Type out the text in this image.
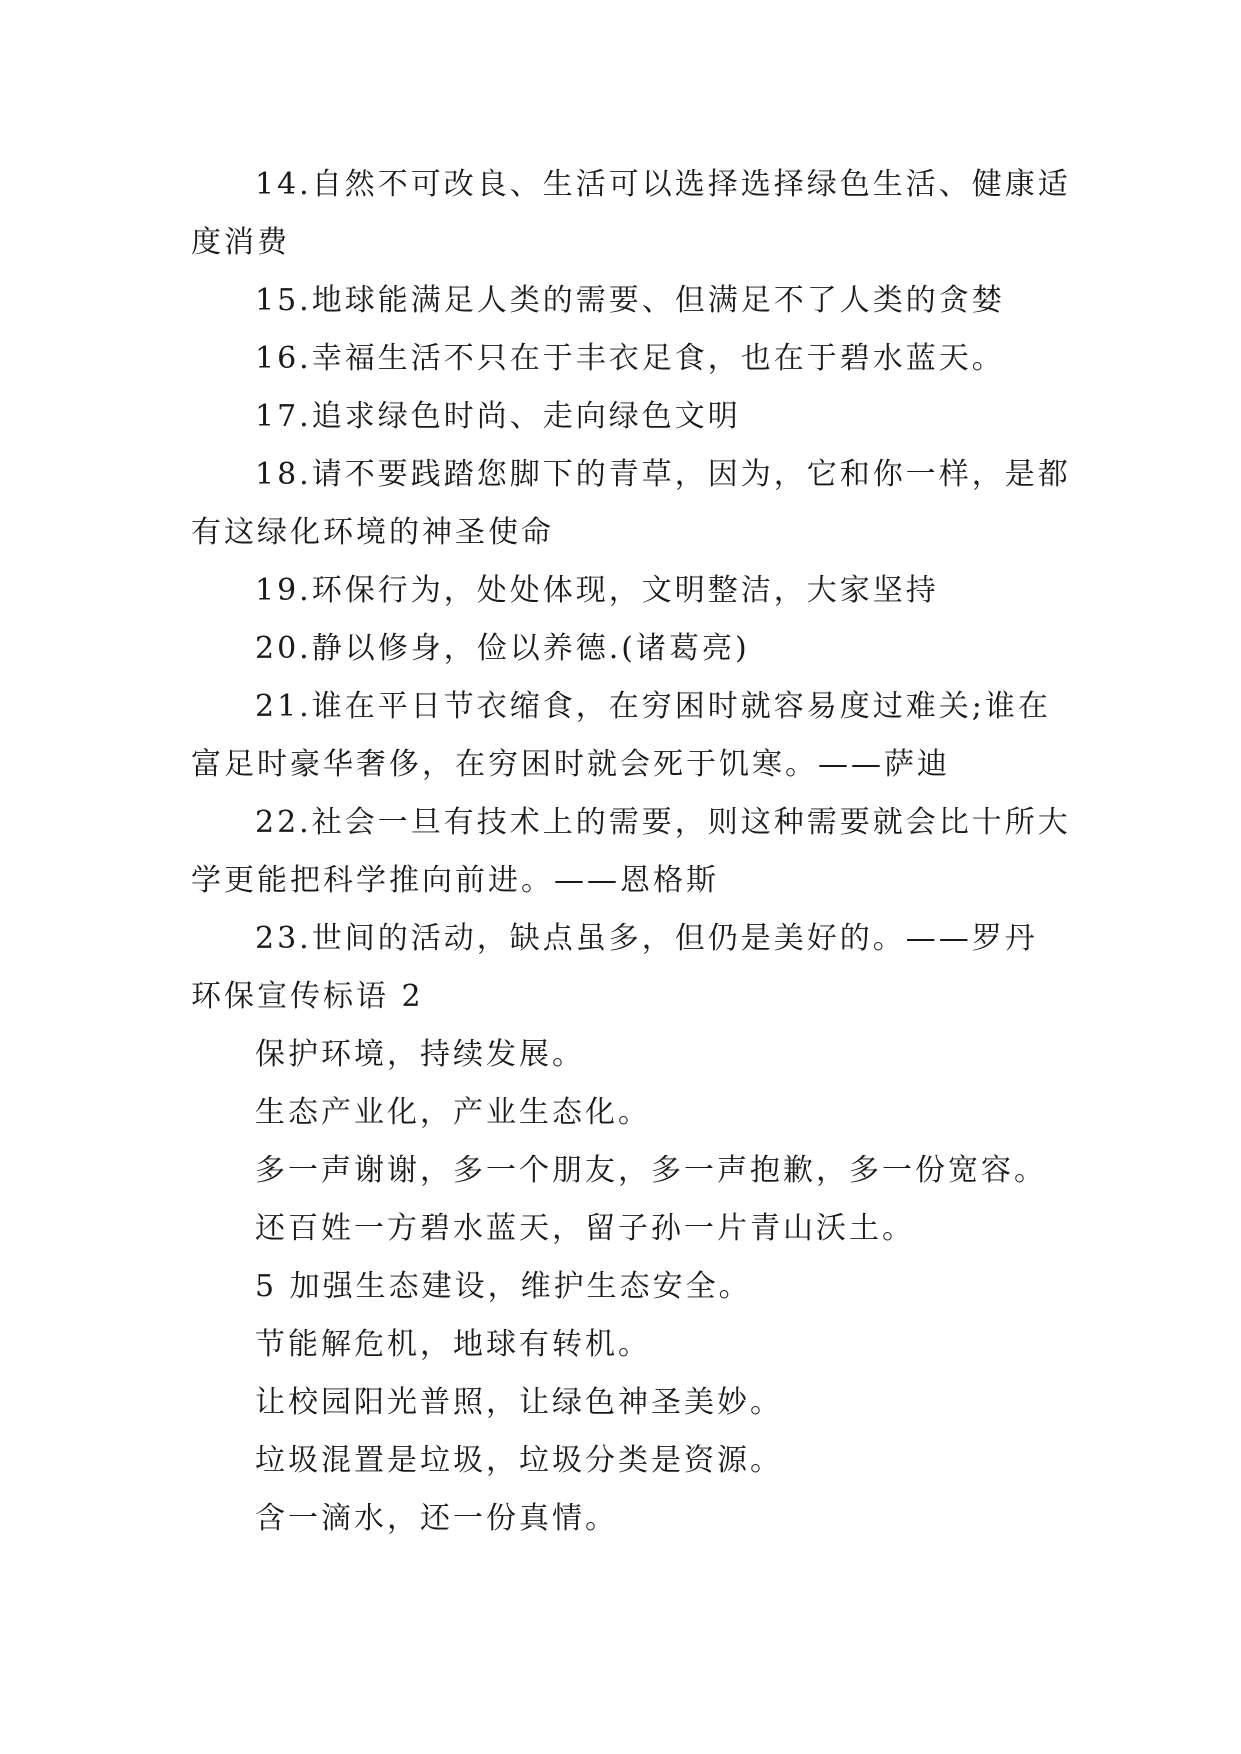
14.自然不可改良、生活可以选择选择绿色生活、健康适度消费

15.地球能满足人类的需要、但满足不了人类的贪婪

16.幸福生活不只在于丰衣足食，也在于碧水蓝天。

17.追求绿色时尚、走向绿色文明

18.请不要践踏您脚下的青草，因为，它和你一样，是都有这绿化环境的神圣使命

19.环保行为，处处体现，文明整洁，大家坚持

20.静以修身，俭以养德.(诸葛亮)

21.谁在平日节衣缩食，在穷困时就容易度过难关;谁在富足时豪华奢侈，在穷困时就会死于饥寒。——萨迪

22.社会一旦有技术上的需要，则这种需要就会比十所大学更能把科学推向前进。——恩格斯

23.世间的活动，缺点虽多，但仍是美好的。——罗丹

环保宣传标语 2

保护环境，持续发展。

生态产业化，产业生态化。

多一声谢谢，多一个朋友，多一声抱歉，多一份宽容。

还百姓一方碧水蓝天，留子孙一片青山沃土。

5 加强生态建设，维护生态安全。

节能解危机，地球有转机。

让校园阳光普照，让绿色神圣美妙。

垃圾混置是垃圾，垃圾分类是资源。

含一滴水，还一份真情。
